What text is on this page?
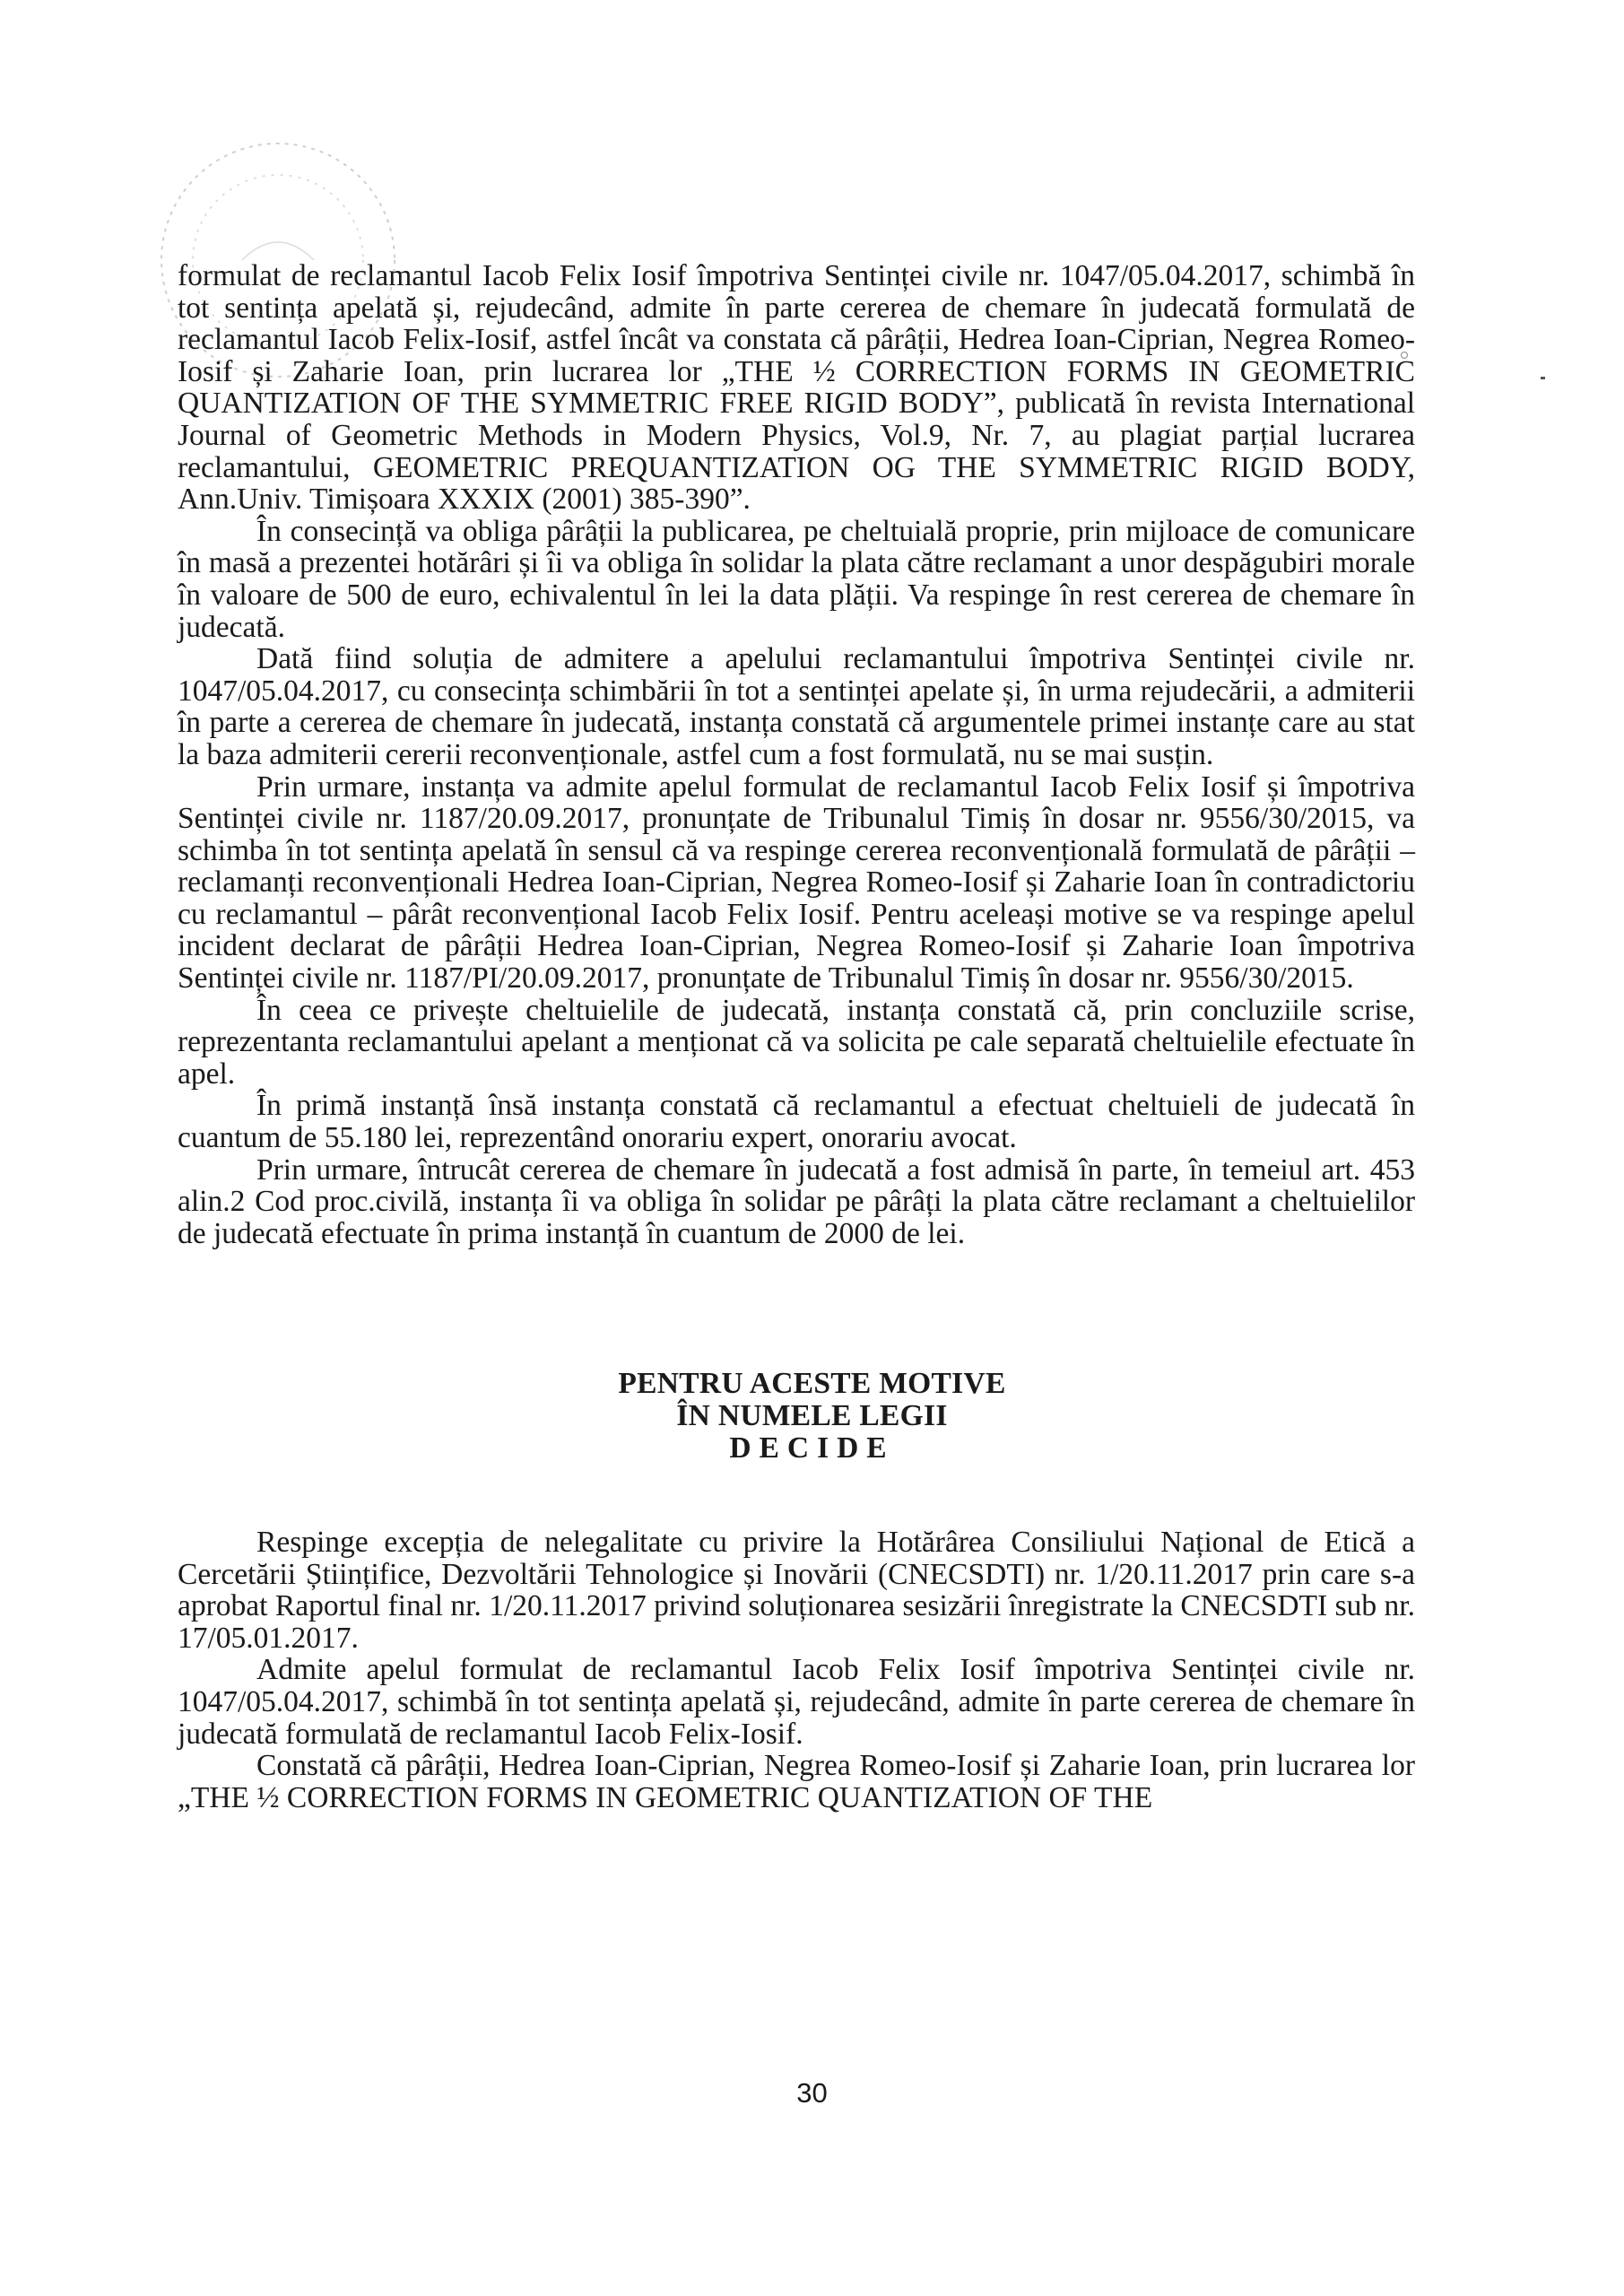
formulat de reclamantul Iacob Felix Iosif împotriva Sentinței civile nr. 1047/05.04.2017, schimbă în tot sentința apelată și, rejudecând, admite în parte cererea de chemare în judecată formulată de reclamantul Iacob Felix-Iosif, astfel încât va constata că pârâții, Hedrea Ioan-Ciprian, Negrea Romeo-Iosif și Zaharie Ioan, prin lucrarea lor „THE ½ CORRECTION FORMS IN GEOMETRIC QUANTIZATION OF THE SYMMETRIC FREE RIGID BODY”, publicată în revista International Journal of Geometric Methods in Modern Physics, Vol.9, Nr. 7, au plagiat parțial lucrarea reclamantului, GEOMETRIC PREQUANTIZATION OG THE SYMMETRIC RIGID BODY, Ann.Univ. Timișoara XXXIX (2001) 385-390”.

În consecință va obliga pârâții la publicarea, pe cheltuială proprie, prin mijloace de comunicare în masă a prezentei hotărâri și îi va obliga în solidar la plata către reclamant a unor despăgubiri morale în valoare de 500 de euro, echivalentul în lei la data plății. Va respinge în rest cererea de chemare în judecată.

Dată fiind soluția de admitere a apelului reclamantului împotriva Sentinței civile nr. 1047/05.04.2017, cu consecința schimbării în tot a sentinței apelate și, în urma rejudecării, a admiterii în parte a cererea de chemare în judecată, instanța constată că argumentele primei instanțe care au stat la baza admiterii cererii reconvenționale, astfel cum a fost formulată, nu se mai susțin.

Prin urmare, instanța va admite apelul formulat de reclamantul Iacob Felix Iosif și împotriva Sentinței civile nr. 1187/20.09.2017, pronunțate de Tribunalul Timiș în dosar nr. 9556/30/2015, va schimba în tot sentința apelată în sensul că va respinge cererea reconvențională formulată de pârâții – reclamanți reconvenționali Hedrea Ioan-Ciprian, Negrea Romeo-Iosif și Zaharie Ioan în contradictoriu cu reclamantul – pârât reconvențional Iacob Felix Iosif. Pentru aceleași motive se va respinge apelul incident declarat de pârâții Hedrea Ioan-Ciprian, Negrea Romeo-Iosif și Zaharie Ioan împotriva Sentinței civile nr. 1187/PI/20.09.2017, pronunțate de Tribunalul Timiș în dosar nr. 9556/30/2015.

În ceea ce privește cheltuielile de judecată, instanța constată că, prin concluziile scrise, reprezentanta reclamantului apelant a menționat că va solicita pe cale separată cheltuielile efectuate în apel.

În primă instanță însă instanța constată că reclamantul a efectuat cheltuieli de judecată în cuantum de 55.180 lei, reprezentând onorariu expert, onorariu avocat.

Prin urmare, întrucât cererea de chemare în judecată a fost admisă în parte, în temeiul art. 453 alin.2 Cod proc.civilă, instanța îi va obliga în solidar pe pârâți la plata către reclamant a cheltuielilor de judecată efectuate în prima instanță în cuantum de 2000 de lei.

PENTRU ACESTE MOTIVE
ÎN NUMELE LEGII
DECIDE

Respinge excepția de nelegalitate cu privire la Hotărârea Consiliului Național de Etică a Cercetării Științifice, Dezvoltării Tehnologice și Inovării (CNECSDTI) nr. 1/20.11.2017 prin care s-a aprobat Raportul final nr. 1/20.11.2017 privind soluționarea sesizării înregistrate la CNECSDTI sub nr. 17/05.01.2017.

Admite apelul formulat de reclamantul Iacob Felix Iosif împotriva Sentinței civile nr. 1047/05.04.2017, schimbă în tot sentința apelată și, rejudecând, admite în parte cererea de chemare în judecată formulată de reclamantul Iacob Felix-Iosif.

Constată că pârâții, Hedrea Ioan-Ciprian, Negrea Romeo-Iosif și Zaharie Ioan, prin lucrarea lor „THE ½ CORRECTION FORMS IN GEOMETRIC QUANTIZATION OF THE

30
